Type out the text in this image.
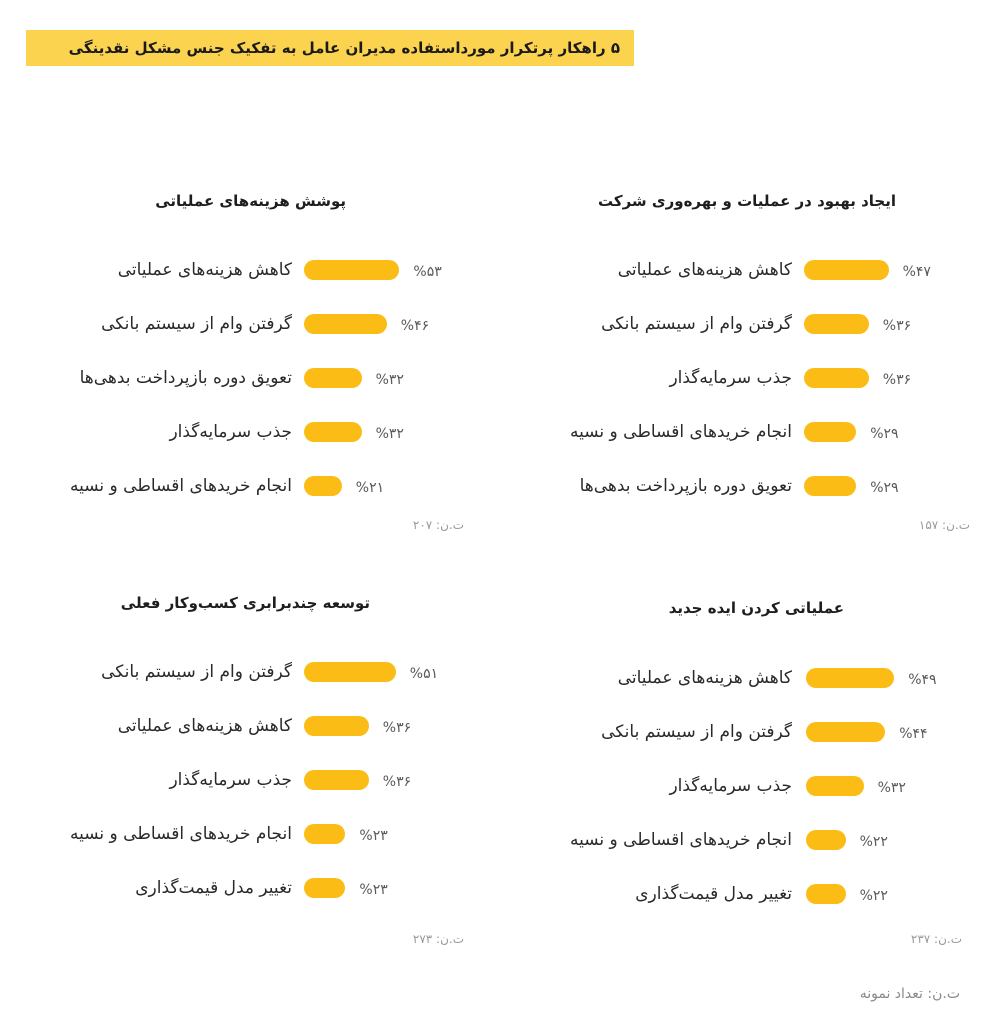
۵ راهکار پرتکرار مورداستفاده مدیران عامل به تفکیک جنس مشکل نقدینگی
ایجاد بهبود در عملیات و بهره‌وری شرکت
کاهش هزینه‌های عملیاتی	%۴۷
گرفتن وام از سیستم بانکی	%۳۶
جذب سرمایه‌گذار	%۳۶
انجام خریدهای اقساطی و نسیه	%۲۹
تعویق دوره بازپرداخت بدهی‌ها	%۲۹
ت.ن: ۱۵۷
پوشش هزینه‌های عملیاتی
کاهش هزینه‌های عملیاتی	%۵۳
گرفتن وام از سیستم بانکی	%۴۶
تعویق دوره بازپرداخت بدهی‌ها	%۳۲
جذب سرمایه‌گذار	%۳۲
انجام خریدهای اقساطی و نسیه	%۲۱
ت.ن: ۲۰۷
عملیاتی کردن ایده جدید
کاهش هزینه‌های عملیاتی	%۴۹
گرفتن وام از سیستم بانکی	%۴۴
جذب سرمایه‌گذار	%۳۲
انجام خریدهای اقساطی و نسیه	%۲۲
تغییر مدل قیمت‌گذاری	%۲۲
ت.ن: ۲۳۷
توسعه چندبرابری کسب‌وکار فعلی
گرفتن وام از سیستم بانکی	%۵۱
کاهش هزینه‌های عملیاتی	%۳۶
جذب سرمایه‌گذار	%۳۶
انجام خریدهای اقساطی و نسیه	%۲۳
تغییر مدل قیمت‌گذاری	%۲۳
ت.ن: ۲۷۳
ت.ن: تعداد نمونه
